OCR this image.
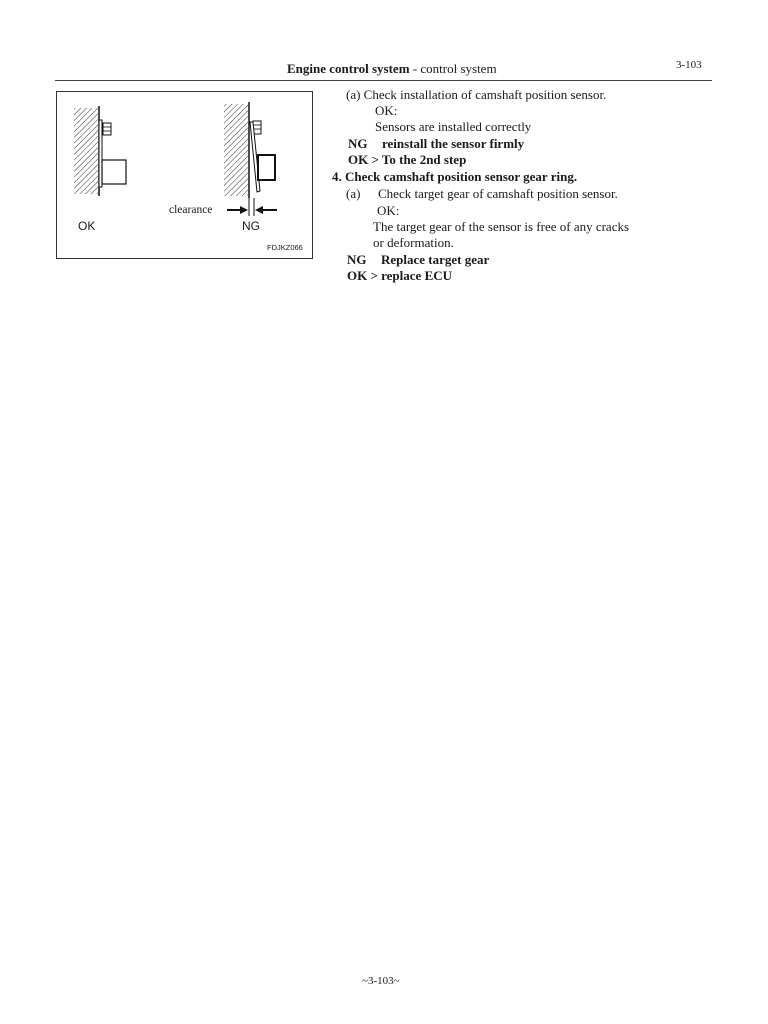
Engine control system - control system	3-103
OK	NG
clearance
FDJKZ066
(a) Check installation of camshaft position sensor.
OK:
Sensors are installed correctly
NG reinstall the sensor firmly
OK > To the 2nd step
4. Check camshaft position sensor gear ring.
(a) Check target gear of camshaft position sensor.
OK:
The target gear of the sensor is free of any cracks
or deformation.
NG Replace target gear
OK > replace ECU
~3-103~
